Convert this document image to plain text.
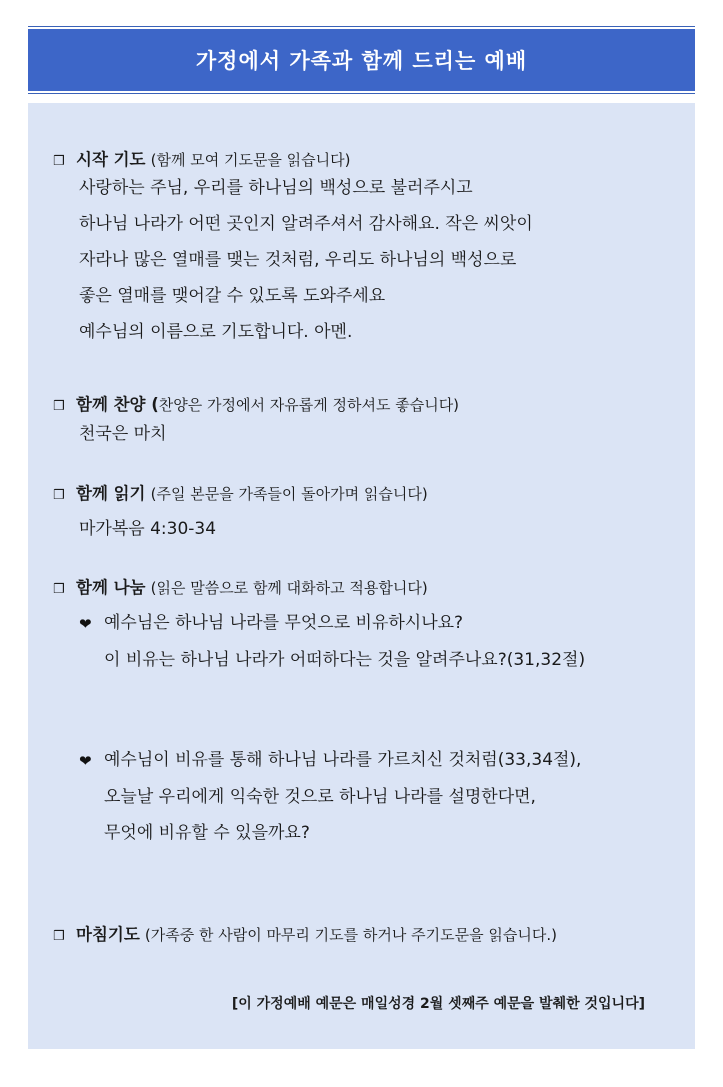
가정에서 가족과 함께 드리는 예배
❒ 시작 기도 (함께 모여 기도문을 읽습니다)
사랑하는 주님, 우리를 하나님의 백성으로 불러주시고
하나님 나라가 어떤 곳인지 알려주셔서 감사해요. 작은 씨앗이
자라나 많은 열매를 맺는 것처럼, 우리도 하나님의 백성으로
좋은 열매를 맺어갈 수 있도록 도와주세요
예수님의 이름으로 기도합니다. 아멘.
❒ 함께 찬양 (찬양은 가정에서 자유롭게 정하셔도 좋습니다)
천국은 마치
❒ 함께 읽기 (주일 본문을 가족들이 돌아가며 읽습니다)
마가복음 4:30-34
❒ 함께 나눔 (읽은 말씀으로 함께 대화하고 적용합니다)
❤ 예수님은 하나님 나라를 무엇으로 비유하시나요?
이 비유는 하나님 나라가 어떠하다는 것을 알려주나요?(31,32절)
❤ 예수님이 비유를 통해 하나님 나라를 가르치신 것처럼(33,34절),
오늘날 우리에게 익숙한 것으로 하나님 나라를 설명한다면,
무엇에 비유할 수 있을까요?
❒ 마침기도 (가족중 한 사람이 마무리 기도를 하거나 주기도문을 읽습니다.)
[이 가정예배 예문은 매일성경 2월 셋째주 예문을 발췌한 것입니다]
